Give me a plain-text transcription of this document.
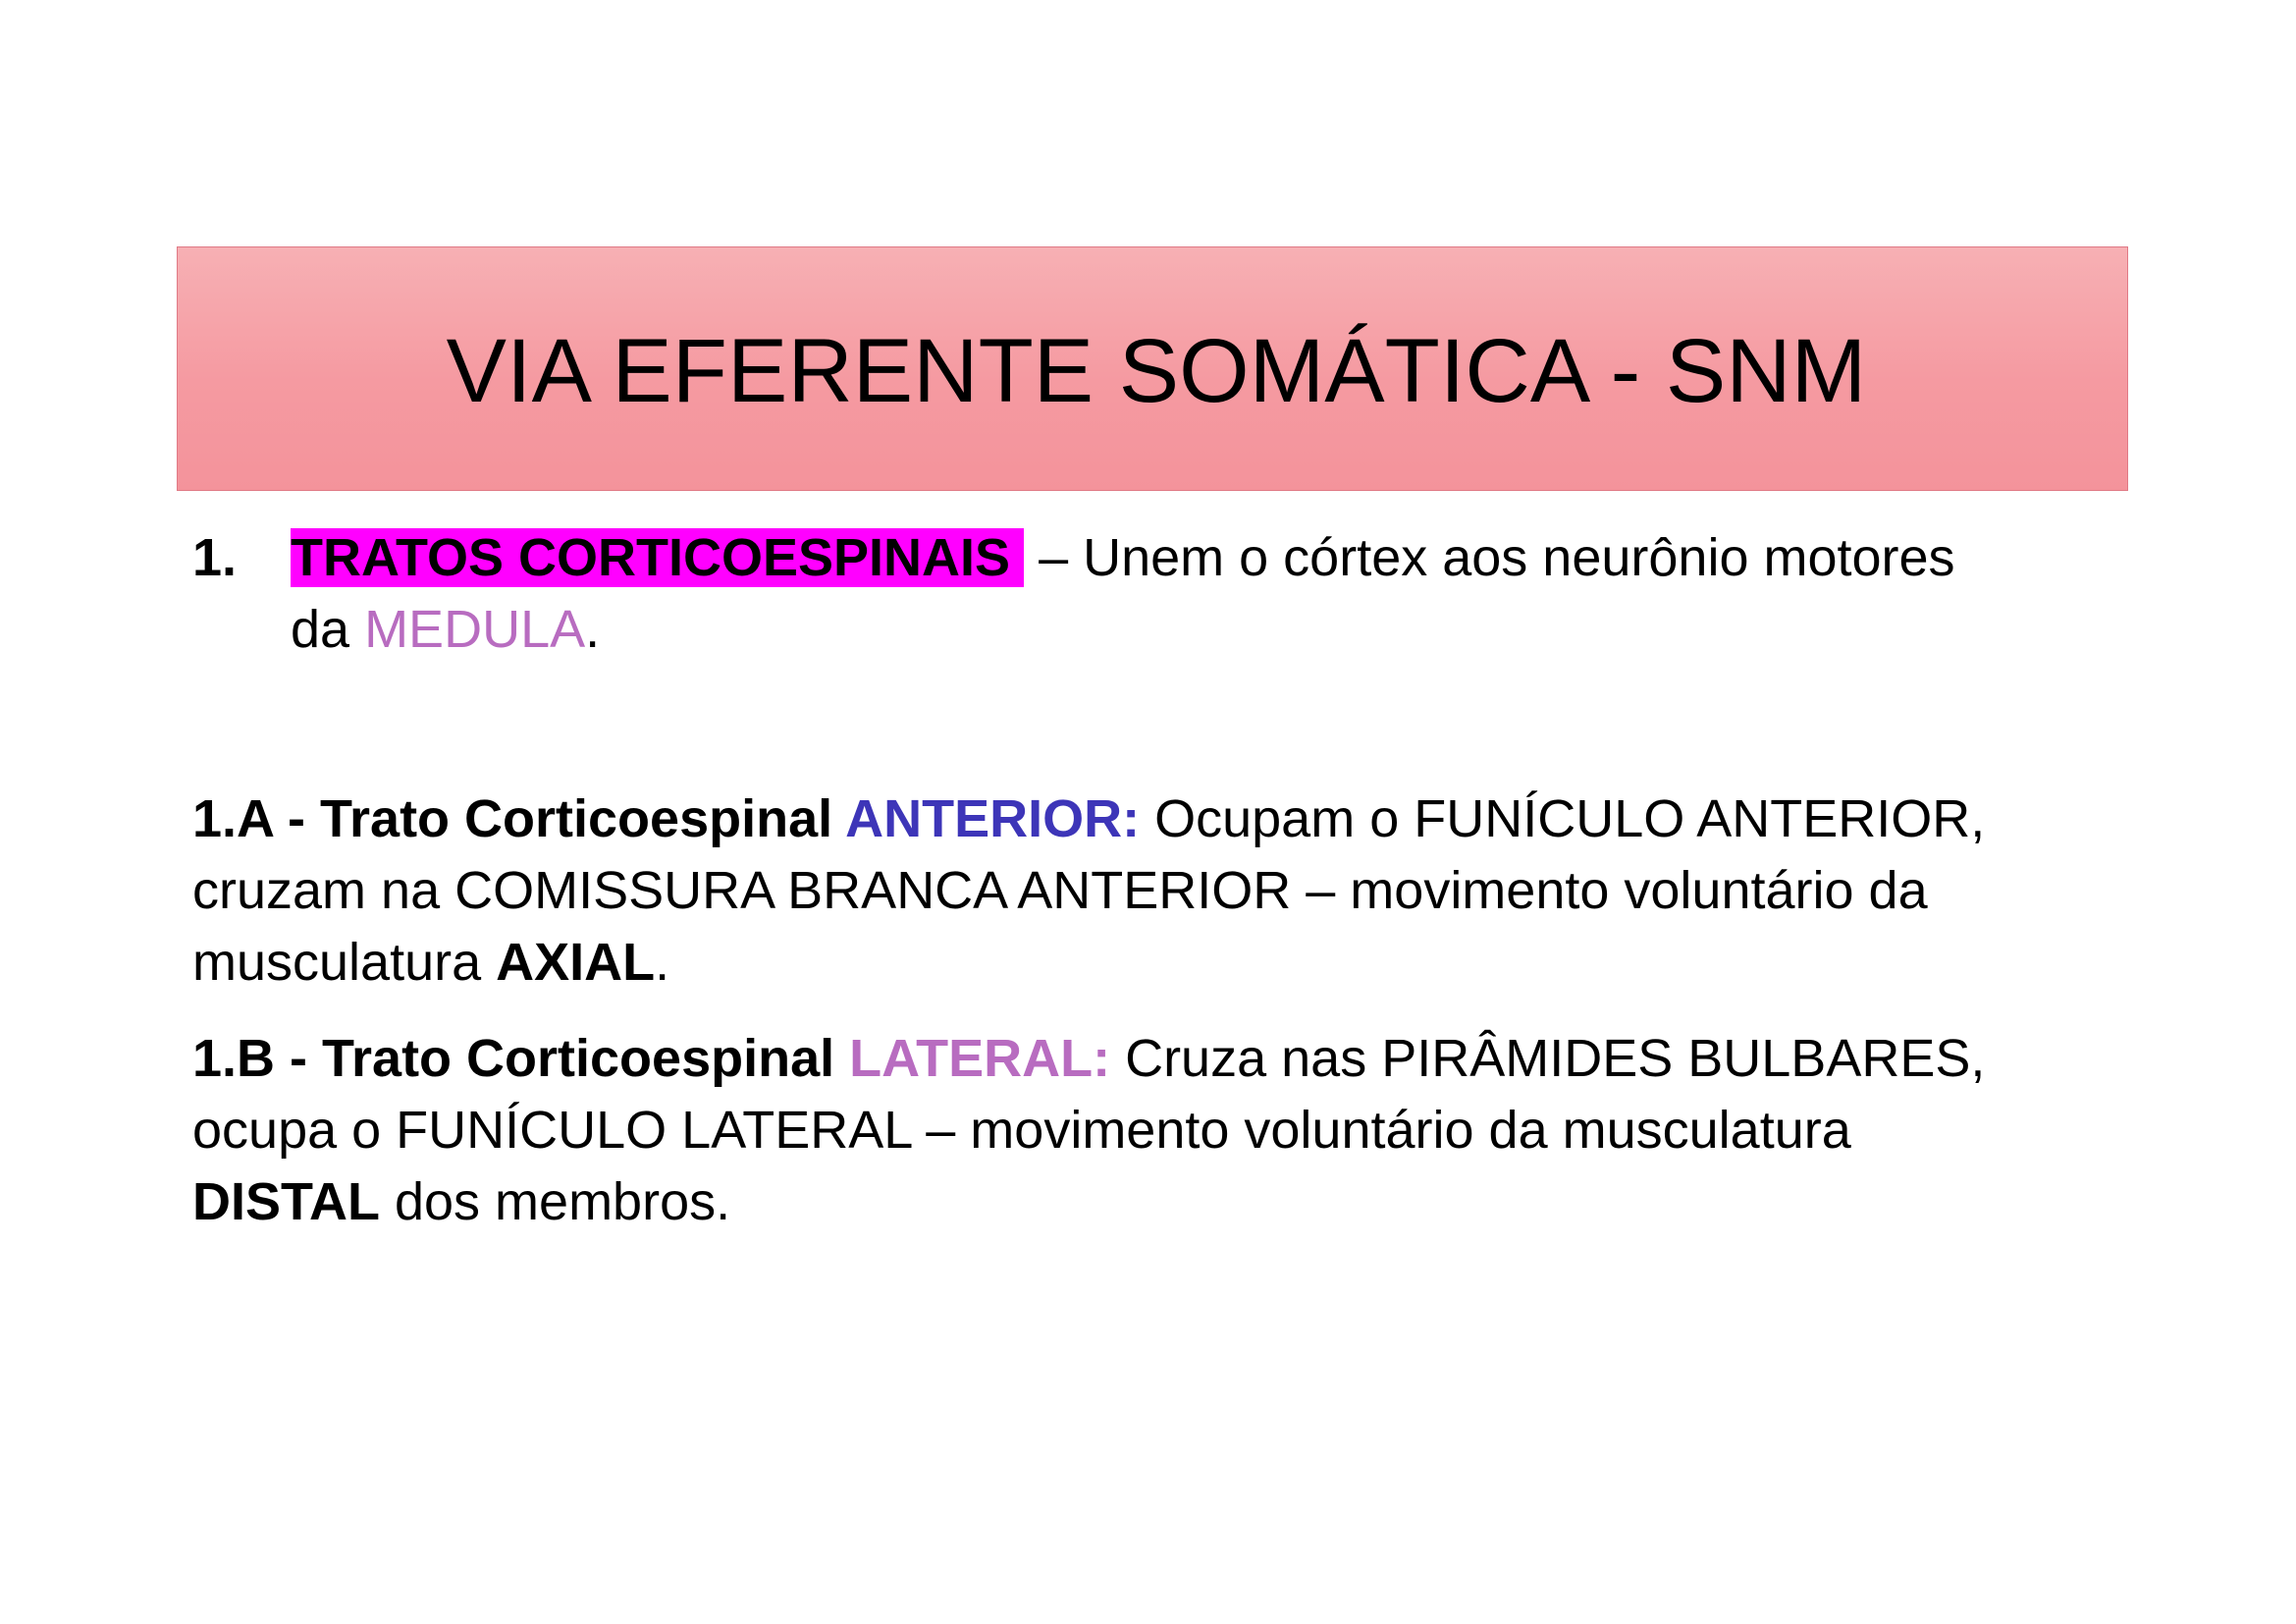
VIA EFERENTE SOMÁTICA - SNM
1. TRATOS CORTICOESPINAIS – Unem o córtex aos neurônio motores
da MEDULA.
1.A - Trato Corticoespinal ANTERIOR: Ocupam o FUNÍCULO ANTERIOR,
cruzam na COMISSURA BRANCA ANTERIOR – movimento voluntário da
musculatura AXIAL.
1.B - Trato Corticoespinal LATERAL: Cruza nas PIRÂMIDES BULBARES,
ocupa o FUNÍCULO LATERAL – movimento voluntário da musculatura
DISTAL dos membros.
